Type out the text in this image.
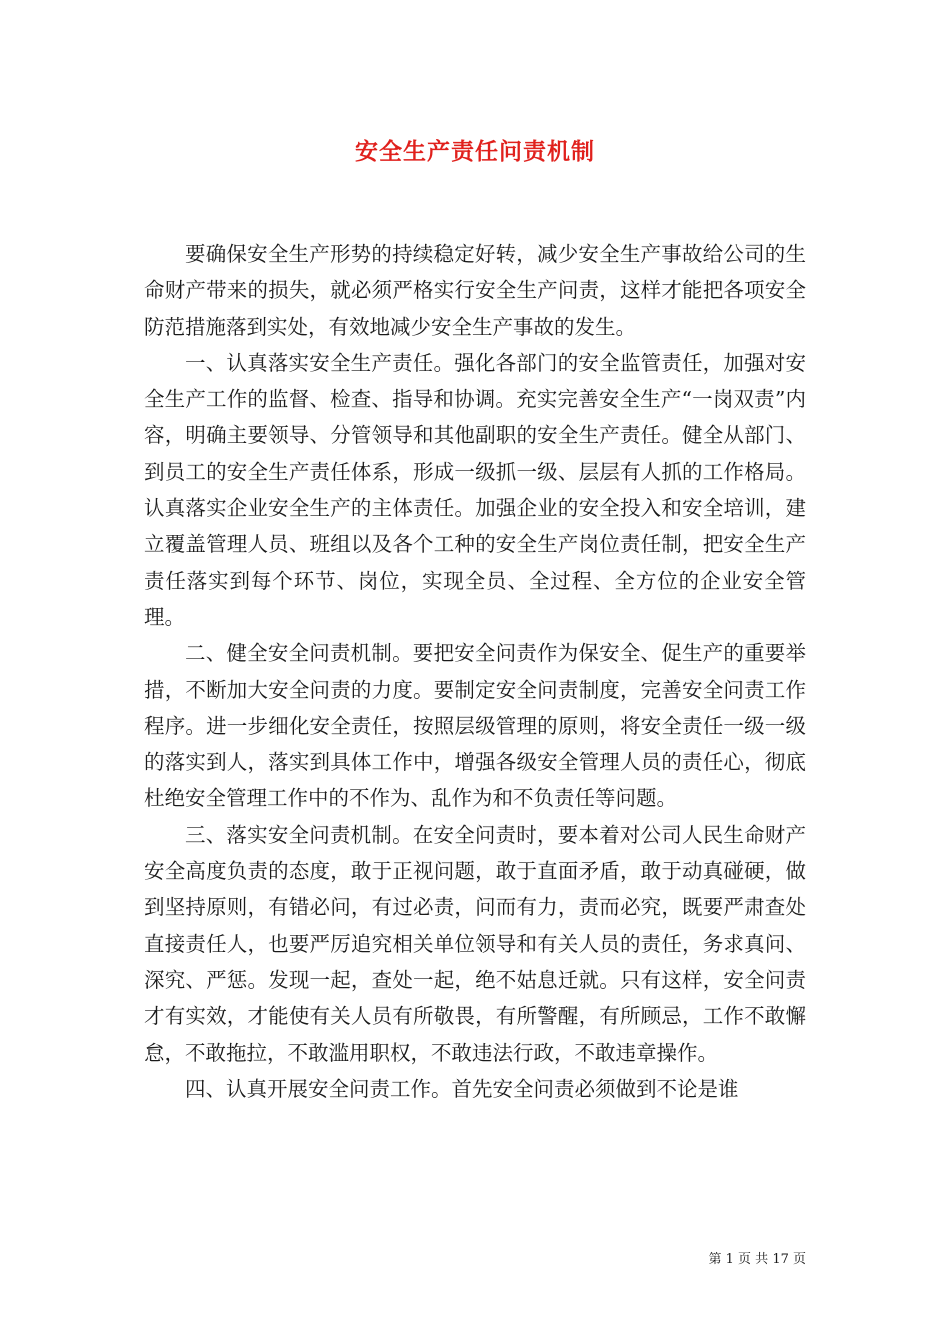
安全生产责任问责机制

要确保安全生产形势的持续稳定好转，减少安全生产事故给公司的生命财产带来的损失，就必须严格实行安全生产问责，这样才能把各项安全防范措施落到实处，有效地减少安全生产事故的发生。

一、认真落实安全生产责任。强化各部门的安全监管责任，加强对安全生产工作的监督、检查、指导和协调。充实完善安全生产“一岗双责”内容，明确主要领导、分管领导和其他副职的安全生产责任。健全从部门、到员工的安全生产责任体系，形成一级抓一级、层层有人抓的工作格局。认真落实企业安全生产的主体责任。加强企业的安全投入和安全培训，建立覆盖管理人员、班组以及各个工种的安全生产岗位责任制，把安全生产责任落实到每个环节、岗位，实现全员、全过程、全方位的企业安全管理。

二、健全安全问责机制。要把安全问责作为保安全、促生产的重要举措，不断加大安全问责的力度。要制定安全问责制度，完善安全问责工作程序。进一步细化安全责任，按照层级管理的原则，将安全责任一级一级的落实到人，落实到具体工作中，增强各级安全管理人员的责任心，彻底杜绝安全管理工作中的不作为、乱作为和不负责任等问题。

三、落实安全问责机制。在安全问责时，要本着对公司人民生命财产安全高度负责的态度，敢于正视问题，敢于直面矛盾，敢于动真碰硬，做到坚持原则，有错必问，有过必责，问而有力，责而必究，既要严肃查处直接责任人，也要严厉追究相关单位领导和有关人员的责任，务求真问、深究、严惩。发现一起，查处一起，绝不姑息迁就。只有这样，安全问责才有实效，才能使有关人员有所敬畏，有所警醒，有所顾忌，工作不敢懈怠，不敢拖拉，不敢滥用职权，不敢违法行政，不敢违章操作。

四、认真开展安全问责工作。首先安全问责必须做到不论是谁

第 1 页 共 17 页
